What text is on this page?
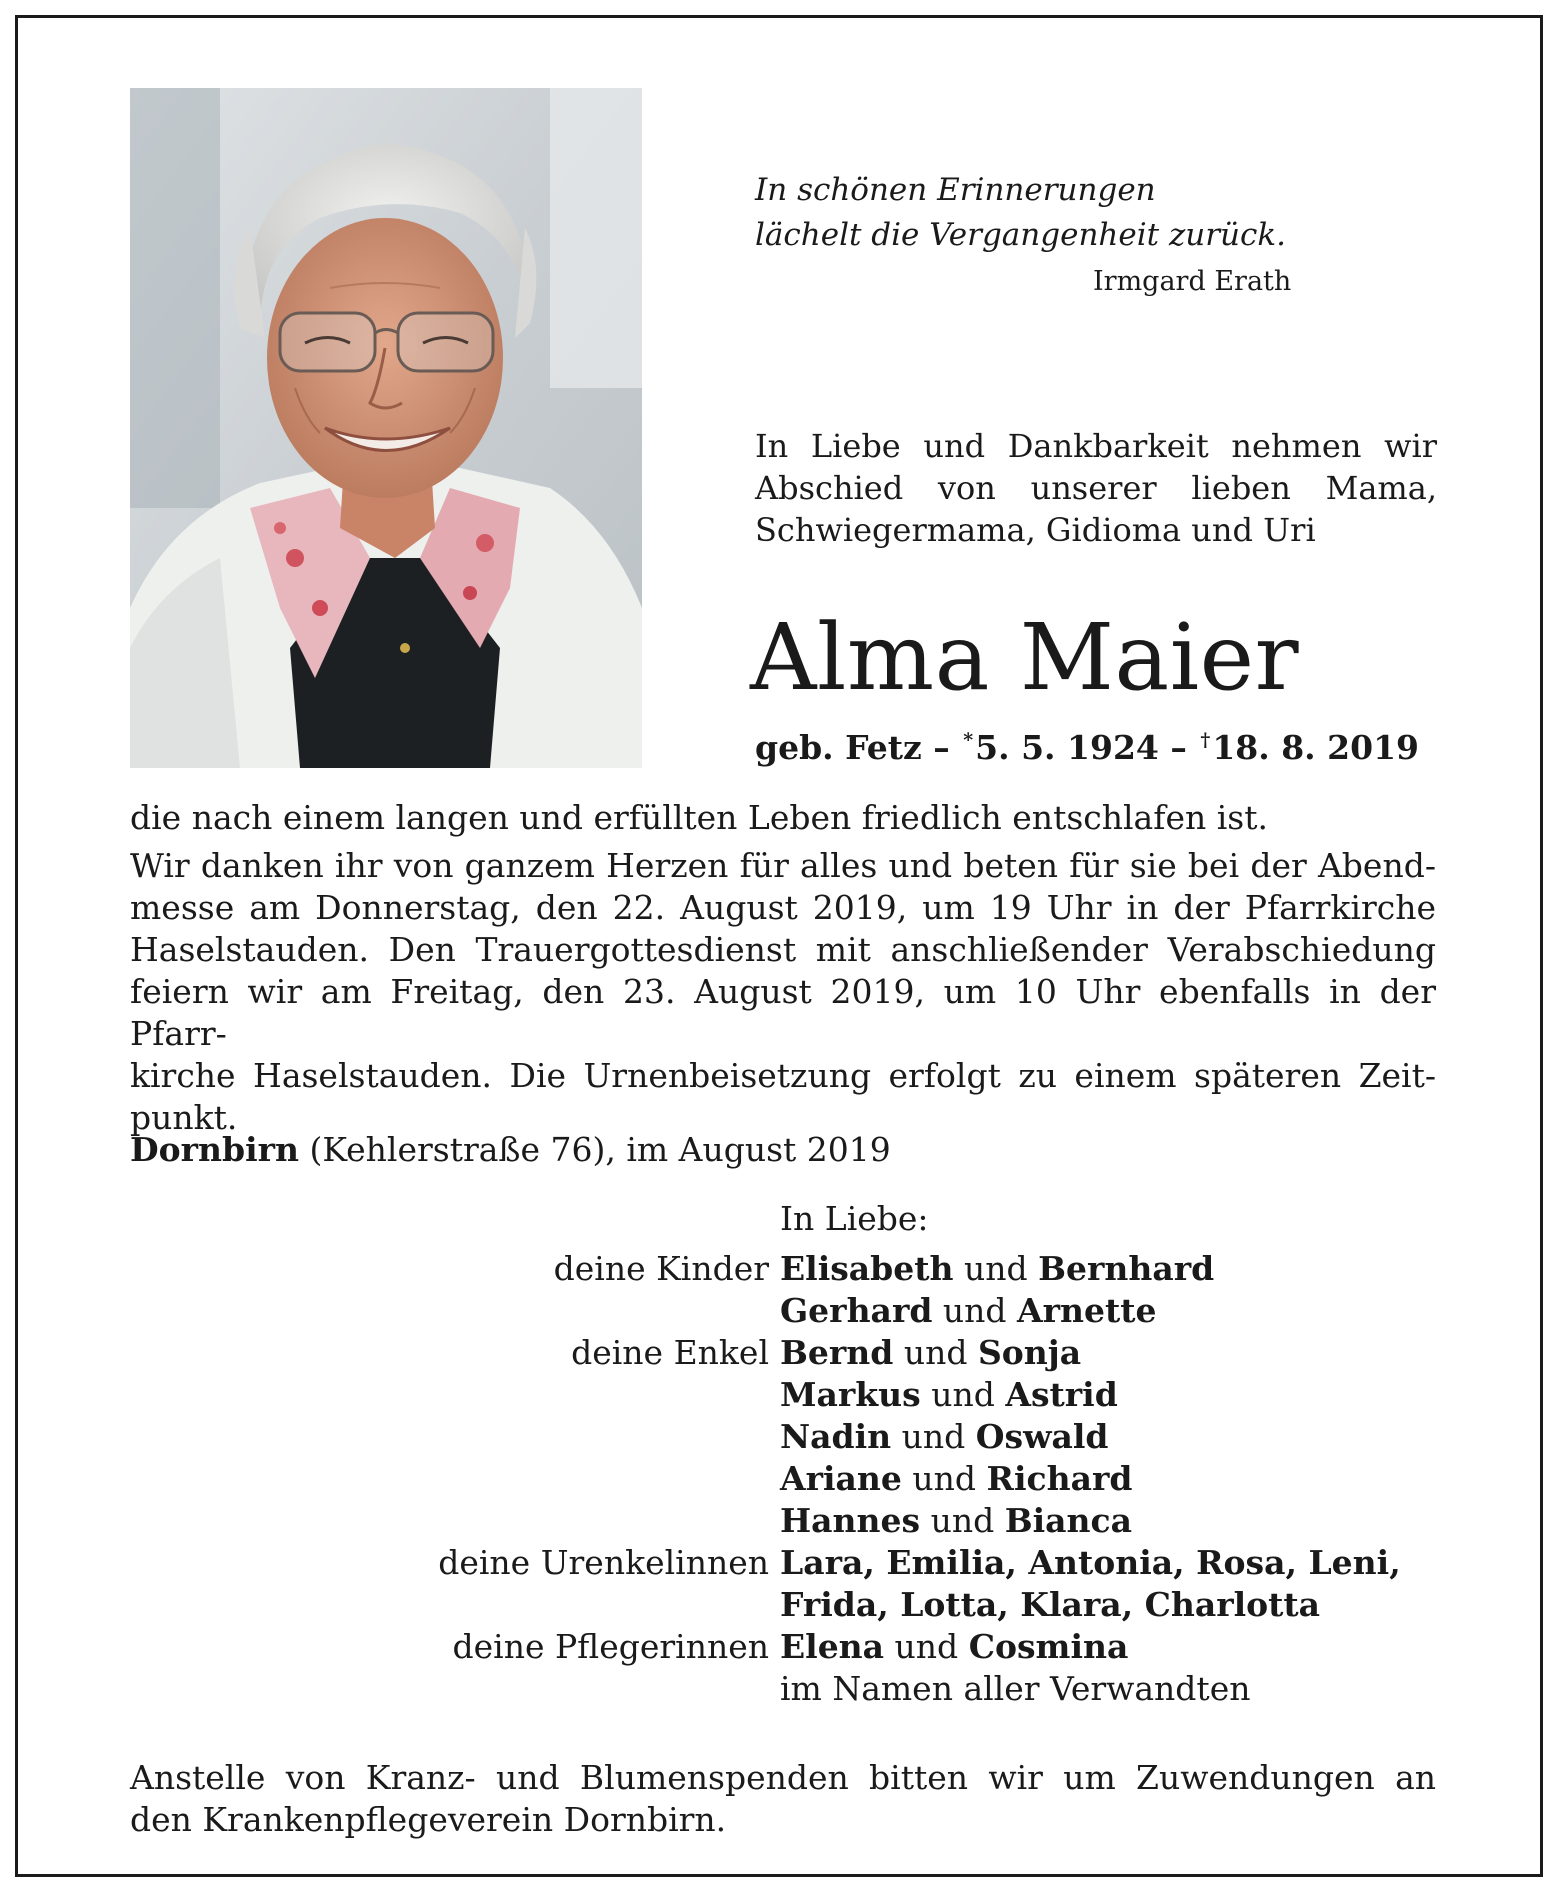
In schönen Erinnerungen
lächelt die Vergangenheit zurück.
Irmgard Erath
In Liebe und Dankbarkeit nehmen wir
Abschied von unserer lieben Mama,
Schwiegermama, Gidioma und Uri
Alma Maier
geb. Fetz – *5. 5. 1924 – †18. 8. 2019
die nach einem langen und erfüllten Leben friedlich entschlafen ist.
Wir danken ihr von ganzem Herzen für alles und beten für sie bei der Abend-
messe am Donnerstag, den 22. August 2019, um 19 Uhr in der Pfarrkirche
Haselstauden. Den Trauergottesdienst mit anschließender Verabschiedung
feiern wir am Freitag, den 23. August 2019, um 10 Uhr ebenfalls in der Pfarr-
kirche Haselstauden. Die Urnenbeisetzung erfolgt zu einem späteren Zeit-
punkt.
Dornbirn (Kehlerstraße 76), im August 2019
In Liebe:
deine Kinder Elisabeth und Bernhard
Gerhard und Arnette
deine Enkel Bernd und Sonja
Markus und Astrid
Nadin und Oswald
Ariane und Richard
Hannes und Bianca
deine Urenkelinnen Lara, Emilia, Antonia, Rosa, Leni,
Frida, Lotta, Klara, Charlotta
deine Pflegerinnen Elena und Cosmina
im Namen aller Verwandten
Anstelle von Kranz- und Blumenspenden bitten wir um Zuwendungen an
den Krankenpflegeverein Dornbirn.
